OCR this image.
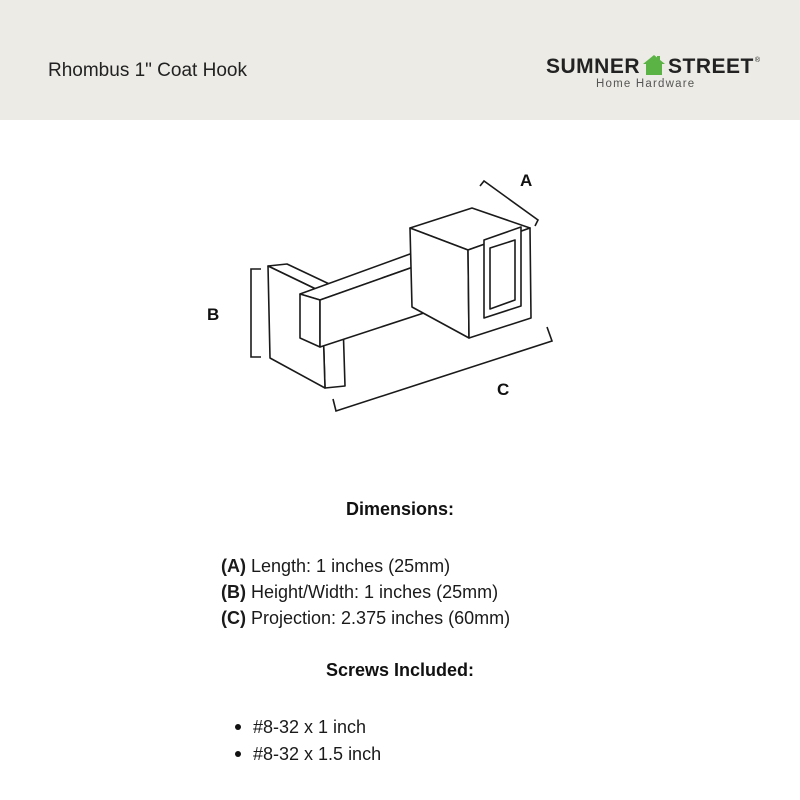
Rhombus 1" Coat Hook	SUMNER STREET®
Home Hardware
A
B
C
Dimensions:
(A) Length: 1 inches (25mm)
(B) Height/Width: 1 inches (25mm)
(C) Projection: 2.375 inches (60mm)
Screws Included:
#8-32 x 1 inch
#8-32 x 1.5 inch
